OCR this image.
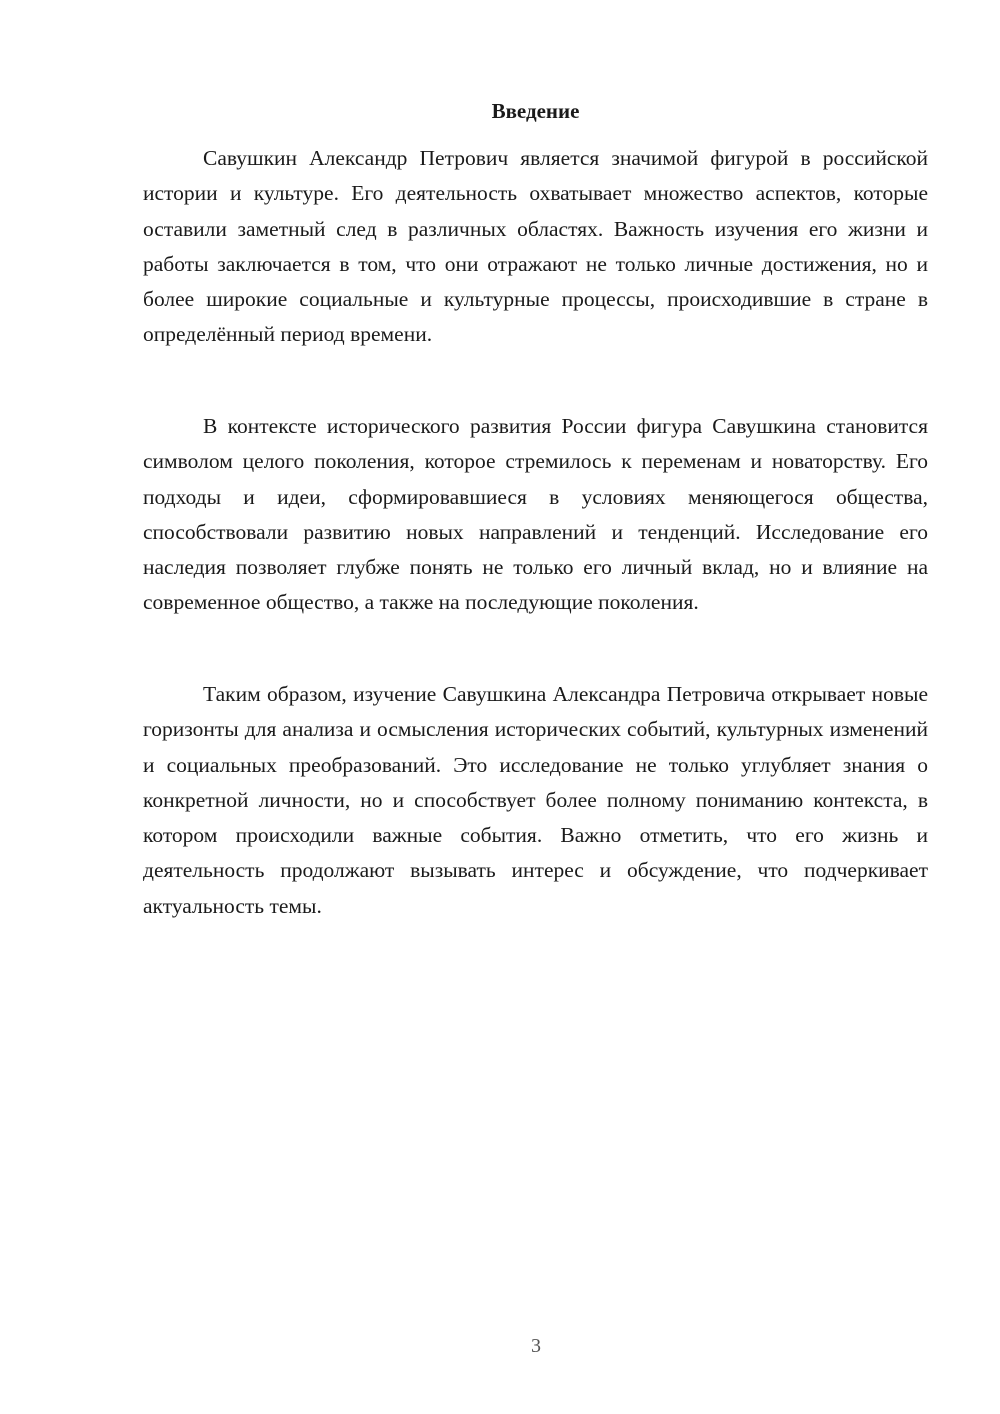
Введение

Савушкин Александр Петрович является значимой фигурой в российской истории и культуре. Его деятельность охватывает множество аспектов, которые оставили заметный след в различных областях. Важность изучения его жизни и работы заключается в том, что они отражают не только личные достижения, но и более широкие социальные и культурные процессы, происходившие в стране в определённый период времени.

В контексте исторического развития России фигура Савушкина становится символом целого поколения, которое стремилось к переменам и новаторству. Его подходы и идеи, сформировавшиеся в условиях меняющегося общества, способствовали развитию новых направлений и тенденций. Исследование его наследия позволяет глубже понять не только его личный вклад, но и влияние на современное общество, а также на последующие поколения.

Таким образом, изучение Савушкина Александра Петровича открывает новые горизонты для анализа и осмысления исторических событий, культурных изменений и социальных преобразований. Это исследование не только углубляет знания о конкретной личности, но и способствует более полному пониманию контекста, в котором происходили важные события. Важно отметить, что его жизнь и деятельность продолжают вызывать интерес и обсуждение, что подчеркивает актуальность темы.

3
